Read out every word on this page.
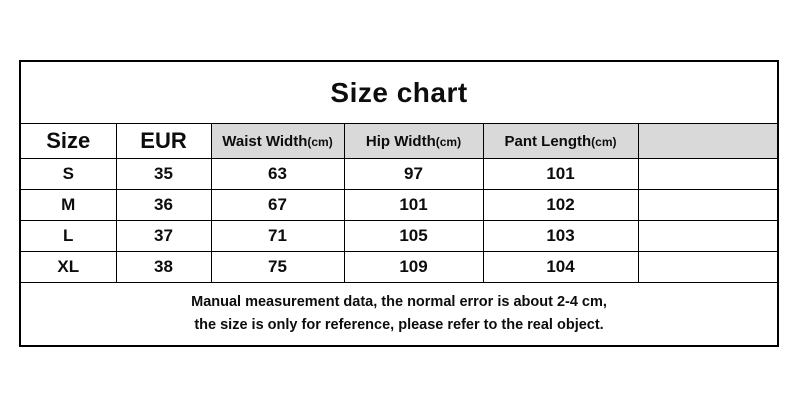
Size chart					
Size	EUR	Waist Width(cm)	Hip Width(cm)	Pant Length(cm)	
S	35	63	97	101	
M	36	67	101	102	
L	37	71	105	103	
XL	38	75	109	104	

Manual measurement data, the normal error is about 2-4 cm,
the size is only for reference, please refer to the real object.					
